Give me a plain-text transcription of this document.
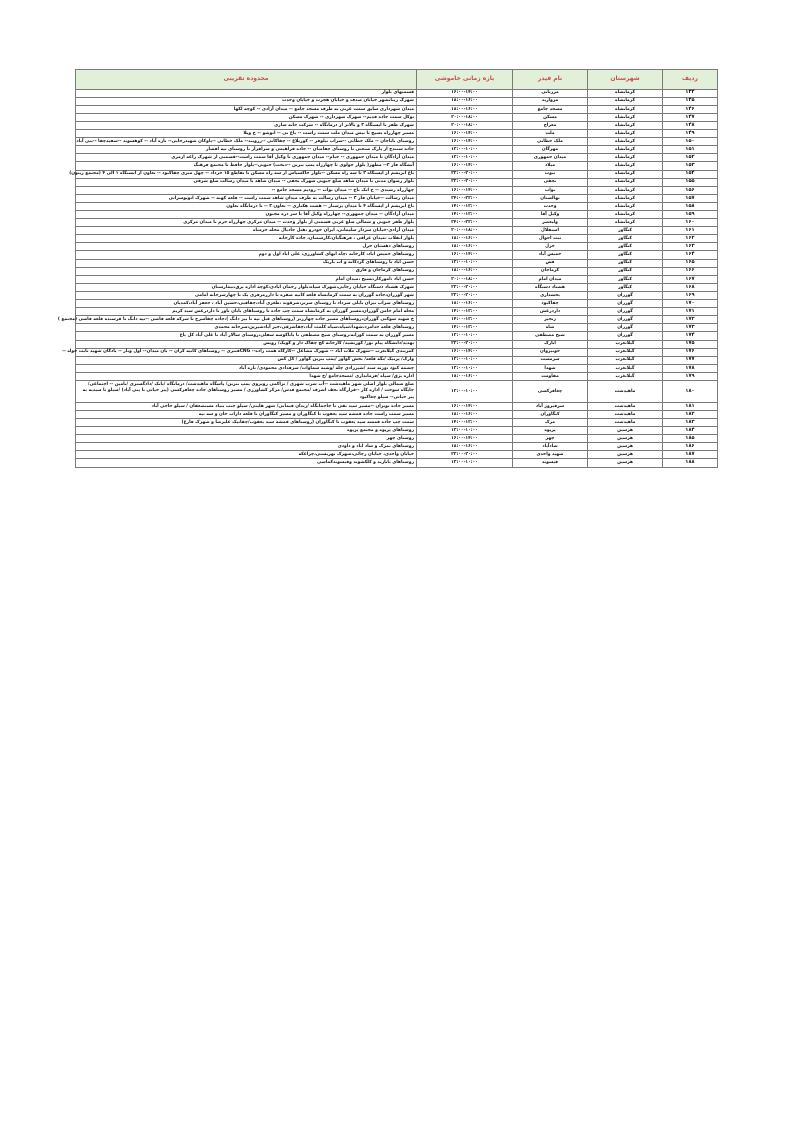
ردیف	شهرستان	نام فیدر	بازه زمانی خاموشی	محدوده تقریبی
۱۴۴	کرمانشاه	مرزبانی	۱۶:۰۰-۱۴:۰۰	قسمتهای بلوار
۱۴۵	کرمانشاه	مروارید	۱۸:۰۰-۱۶:۰۰	شهرک زیبانشهر خیابان صدف و خیابان هجرت و خیابان وحدت
۱۴۶	کرمانشاه	مسجد جامع	۱۸:۰۰-۱۶:۰۰	میدان شهرداری سابق سمت غربی به طرف مسجد جامع -- میدان آزادی -- کوچه لکها
۱۴۷	کرمانشاه	مسکن	۲۰:۰۰-۱۸:۰۰	توکل سمت جاده قدیم-- شهرک شهرداری -- شهرک مسکن
۱۴۸	کرمانشاه	معراج	۲۰:۰۰-۱۸:۰۰	شهرک ظفر تا ایستگاه ۳ و بالاتر از درمانگاه -- شرکت خانه سازی
۱۴۹	کرمانشاه	ملت	۱۶:۰۰-۱۴:۰۰	مسیر چهارراه بسیج تا نبش میدان ملت سمت راست -- باغ نی -- اتوشو -- خ ویلا
۱۵۰	کرمانشاه	ملک خطابی	۱۶:۰۰-۱۴:۰۰	روستای باباجان -- ملک خطابی --سراب نیلوفر -- کوریلاغ -- چقاکانی --زرویند-- ملک خطابی --یاوکان شهیدرجایی-- تازه آباد -- کوهسوند --سفیدچقا --بنی آباد
۱۵۱	کرمانشاه	مهرگان	۱۲:۰۰-۱۰:۰۰	جاده سنندج از پارک صنعتی تا روستای جفامیان -- جاده فراهیمی و سرافراز تا روستای تپه افشار
۱۵۲	کرمانشاه	میدان جمهوری	۱۲:۰۰-۱۰:۰۰	میدان آزادگان تا میدان جمهوری -- خیام-- میدان جمهوری تا وکیل آقا سمت راست--قسمتی از شهرک زاغه ازمری
۱۵۳	کرمانشاه	میلاد	۱۶:۰۰-۱۴:۰۰	آتشگاه فاز ۲-- مطهر( بلوار جولوی تا چهارراه پمپ بنزین --دبخت) جنوبی--بلوار حافظ تا مجتمع فرهنگ
۱۵۴	کرمانشاه	نبوت	۲۲:۰۰-۲۰:۰۰	باغ ابریشم از ایستگاه ۳ تا سه راه مسکن --بلوار خاکسپاس از سه راه مسکن تا تقاطع ۱۵ خرداد -- چهل متری چقاکبود -- تعاون از ایستگاه ۱ الی ۴ (مجتمع زیتون)
۱۵۵	کرمانشاه	نجفی	۲۲:۰۰-۲۰:۰۰	بلوار رضوان مدنی تا میدان شاهد ضلع جنوبی شهرک نجفی -- میدان شاهد تا میدان رسالت ضلع شرقی
۱۵۶	کرمانشاه	نواب	۱۶:۰۰-۱۴:۰۰	چهارراه رشیدی -- خ اتک تاج -- میدان نواب -- رودیم مسجد جامع --
۱۵۷	کرمانشاه	نهالستان	۲۴:۰۰-۲۲:۰۰	میدان رسالت --خیابان فاز ۳ -- میدان رسالت به طرف میدان شاهد سمت راست -- قلعه کهنه -- شهرک اتوبوسرانی
۱۵۸	کرمانشاه	وحدت	۱۴:۰۰-۱۲:۰۰	باغ ابریشم از ایستگاه ۴ تا میدان پرستار -- هشت هکتاری -- تعاون ۳ -- تا درمانگاه تعاون
۱۵۹	کرمانشاه	وکیل آقا	۱۴:۰۰-۱۲:۰۰	میدان آزادگان -- میدان جمهوری-- چهارراه وکیل آقا تا سر دره مجنون
۱۶۰	کرمانشاه	ولیعصر	۲۴:۰۰-۲۲:۰۰	بلوار ظفر جنوبی و شمالی ضلع غربی قسمتی از بلوار وحدت -- میدان مرکزی چهارراه خرم تا میدان مرکزی
۱۶۱	کنگاور	استقلال	۲۰:۰۰-۱۸:۰۰	میدان آزادی-خیابان سردار سلیمانی، ایران خودرو ،هتل جادیال محله خرمتاه
۱۶۲	کنگاور	ثبت احوال	۱۸:۰۰-۱۶:۰۰	بلوار انقلاب ،میدان عراقی ، فرهنگیان،کارسمنان، جاده کارخانه
۱۶۳	کنگاور	خزل	۱۸:۰۰-۱۶:۰۰	روستاهای دهستان خزل
۱۶۴	کنگاور	خمیس آباد	۱۶:۰۰-۱۴:۰۰	روستاهای خمیس اباد، کارخانه ،چاه ابهای کشاورزی، علی اباد اول و دوم
۱۶۵	کنگاور	فش	۱۲:۰۰-۱۰:۰۰	حسن اباد تا روستاهای گردکانه و اب باریک
۱۶۶	کنگاور	کرماجان	۱۸:۰۰-۱۶:۰۰	روستاهای کرماجان و فارق
۱۶۷	کنگاور	میدان امام	۲۰:۰۰-۱۸:۰۰	حسن اباد ،امورکار،بسیج ،میدان امام
۱۶۸	کنگاور	هشتاد دستگاه	۲۲:۰۰-۲۰:۰۰	شهرک هشتاد دستگاه خیابان رجایی،شهرک سپاه،بلوار رحمان ابادی،کوچه اداره برق،بیمارستان
۱۶۹	گوزران	بخشداری	۲۲:۰۰-۲۰:۰۰	شهر گوزران،جاده گوزران به سمت کرمانشاه قلعه کانیه صفره تا داررمزفری یک تا چهارسرخانه امامی
۱۷۰	گوزران	چقاکبود	۱۸:۰۰-۱۶:۰۰	روستاهای سراب نیران بابلی سرداد تا روستای سرتر،شرقوند ،طغری آباد،چقاقبی،حسین آباد ، جعفر آباد،کمدیان
۱۷۱	گوزران	داردرغش	۱۴:۰۰-۱۲:۰۰	محله امام حامن گوزران،مسیر گوزران به کرمانشاه سمت چپ جاده تا روستاهای بابان باور تا داردرغش سید کریم
۱۷۲	گوزران	زنجیر	۱۴:۰۰-۱۲:۰۰	خ شهید شوکتی گوزران،روستاهای مسیر جاده چهارزبر (روستاهای قبل تپه تا بیر دانگ )،جاده چقاسرخ تا سرکه قلعه قاضی --تپه دانگ تا فرسنده قلعه قاضی (مجتمع )
۱۷۳	گوزران	شاه	۱۴:۰۰-۱۲:۰۰	روستاهای قلعه خدامرد،شهدا،سپاه،سیاه کلمت آباد،چقاشرقی،جیر آبادشیرین،سرخانه محمدی
۱۷۴	گوزران	شیخ مصطفی	۱۲:۰۰-۱۰:۰۰	مسیر گوزران به سمت کوزانه،روستای شیخ مصطفی تا باباکوسه سفلی،روستای سالار آباد تا علی آباد کل باغ
۱۷۵	گیلانغرب	ابارک	۲۲:۰۰-۲۰:۰۰	بهدید/دانشگاه پیام نور/ کوربشید/ کارخانه کچ چقاک دار و کوپک/ رویش
۱۷۶	گیلانغرب	خونیروان	۱۶:۰۰-۱۴:۰۰	کمربندی گیلانغرب --شهرک ملات آباد -- شهرک مشاغل --کارگاه همت زاده-- CNGقنتری -- روستاهای کانیه کران -- بان میدان-- اول وبار -- یادگان شهید ثابت خواه --
۱۷۷	گیلانغرب	سرمست	۱۲:۰۰-۱۰:۰۰	وارک/ پرتیک /تگه قلعه/ بخش گوآور /پمپ بنزین گوآور / کل کش
۱۷۸	گیلانغرب	شهدا	۱۲:۰۰-۱۰:۰۰	چشمه کبود ،وزنه سند /شیرزادی چله /وشته سماوات/ سرفدادی محمودی/ تازه آباد
۱۷۹	گیلانغرب	مقاومت	۱۸:۰۰-۱۶:۰۰	اداره برق/ سپاه /فرمانداری /مسجدجامع /خ شهدا
۱۸۰	ماهیدشت	چغاقرکسی	۱۲:۰۰-۱۰:۰۰	ضلع شمالی بلوار اصلی شهر ماهیدشت --آب شرب شهری / تراکمی روبروی پمپ بنزین/ پاسگاه ماهیدشت/ درمانگاه /بانک /دادگستری /تامین -- اجتماعی/ جایگاه سوخت / اداره کار --قرارگاه نجف اشرف /مجتمع قدس/ مرکز کشاورزی / مسیر روستاهای جاده چغاقرکسی (پیر حیاتی تا پنی آباد) /سیلو تا سیدیه به پیر حیاتی-- سیلو چغاکبود
۱۸۱	ماهیدشت	سرفیروز آباد	۱۶:۰۰-۱۴:۰۰	مسیر جاده نوبران --مسیر سید نقی تا جاجمانگاه /زندان قیمانی/ شهر هلیتی/ سیلو جنب بنیاد مستضعفان / سیلو حاجی آباد
۱۸۲	ماهیدشت	کنگاوران	۱۸:۰۰-۱۶:۰۰	مسیر سمت راست جاده قمشه سید یعقوب تا کنگاوران و مسیر کنگاوران تا قلعه داراب خان و سه تپه
۱۸۳	ماهیدشت	مرک	۱۴:۰۰-۱۲:۰۰	سمت چپ جاده قمشه سید یعقوب تا کنگاوران (روستاهای قمشه سید یعقوب/چقانیک علیرضا و شهرک فارغ)
۱۸۴	هرسین	پرپوه	۱۲:۰۰-۱۰:۰۰	روستاهای پرپوه و مجتمع پرپوه
۱۸۵	هرسین	چهر	۱۶:۰۰-۱۴:۰۰	روستای چهر
۱۸۶	هرسین	شادآباد	۱۸:۰۰-۱۶:۰۰	روستاهای تمرک و شاد اباد و داودی
۱۸۷	هرسین	شهید واحدی	۲۲:۰۰-۲۰:۰۰	خیابان واحدی، خیابان رجائی،شهرک بهزیستی،چراغکه
۱۸۸	هرسین	قیسوند	۱۲:۰۰-۱۰:۰۰	روستاهای بابازید و کلکشوند وقیسوندکماسی
